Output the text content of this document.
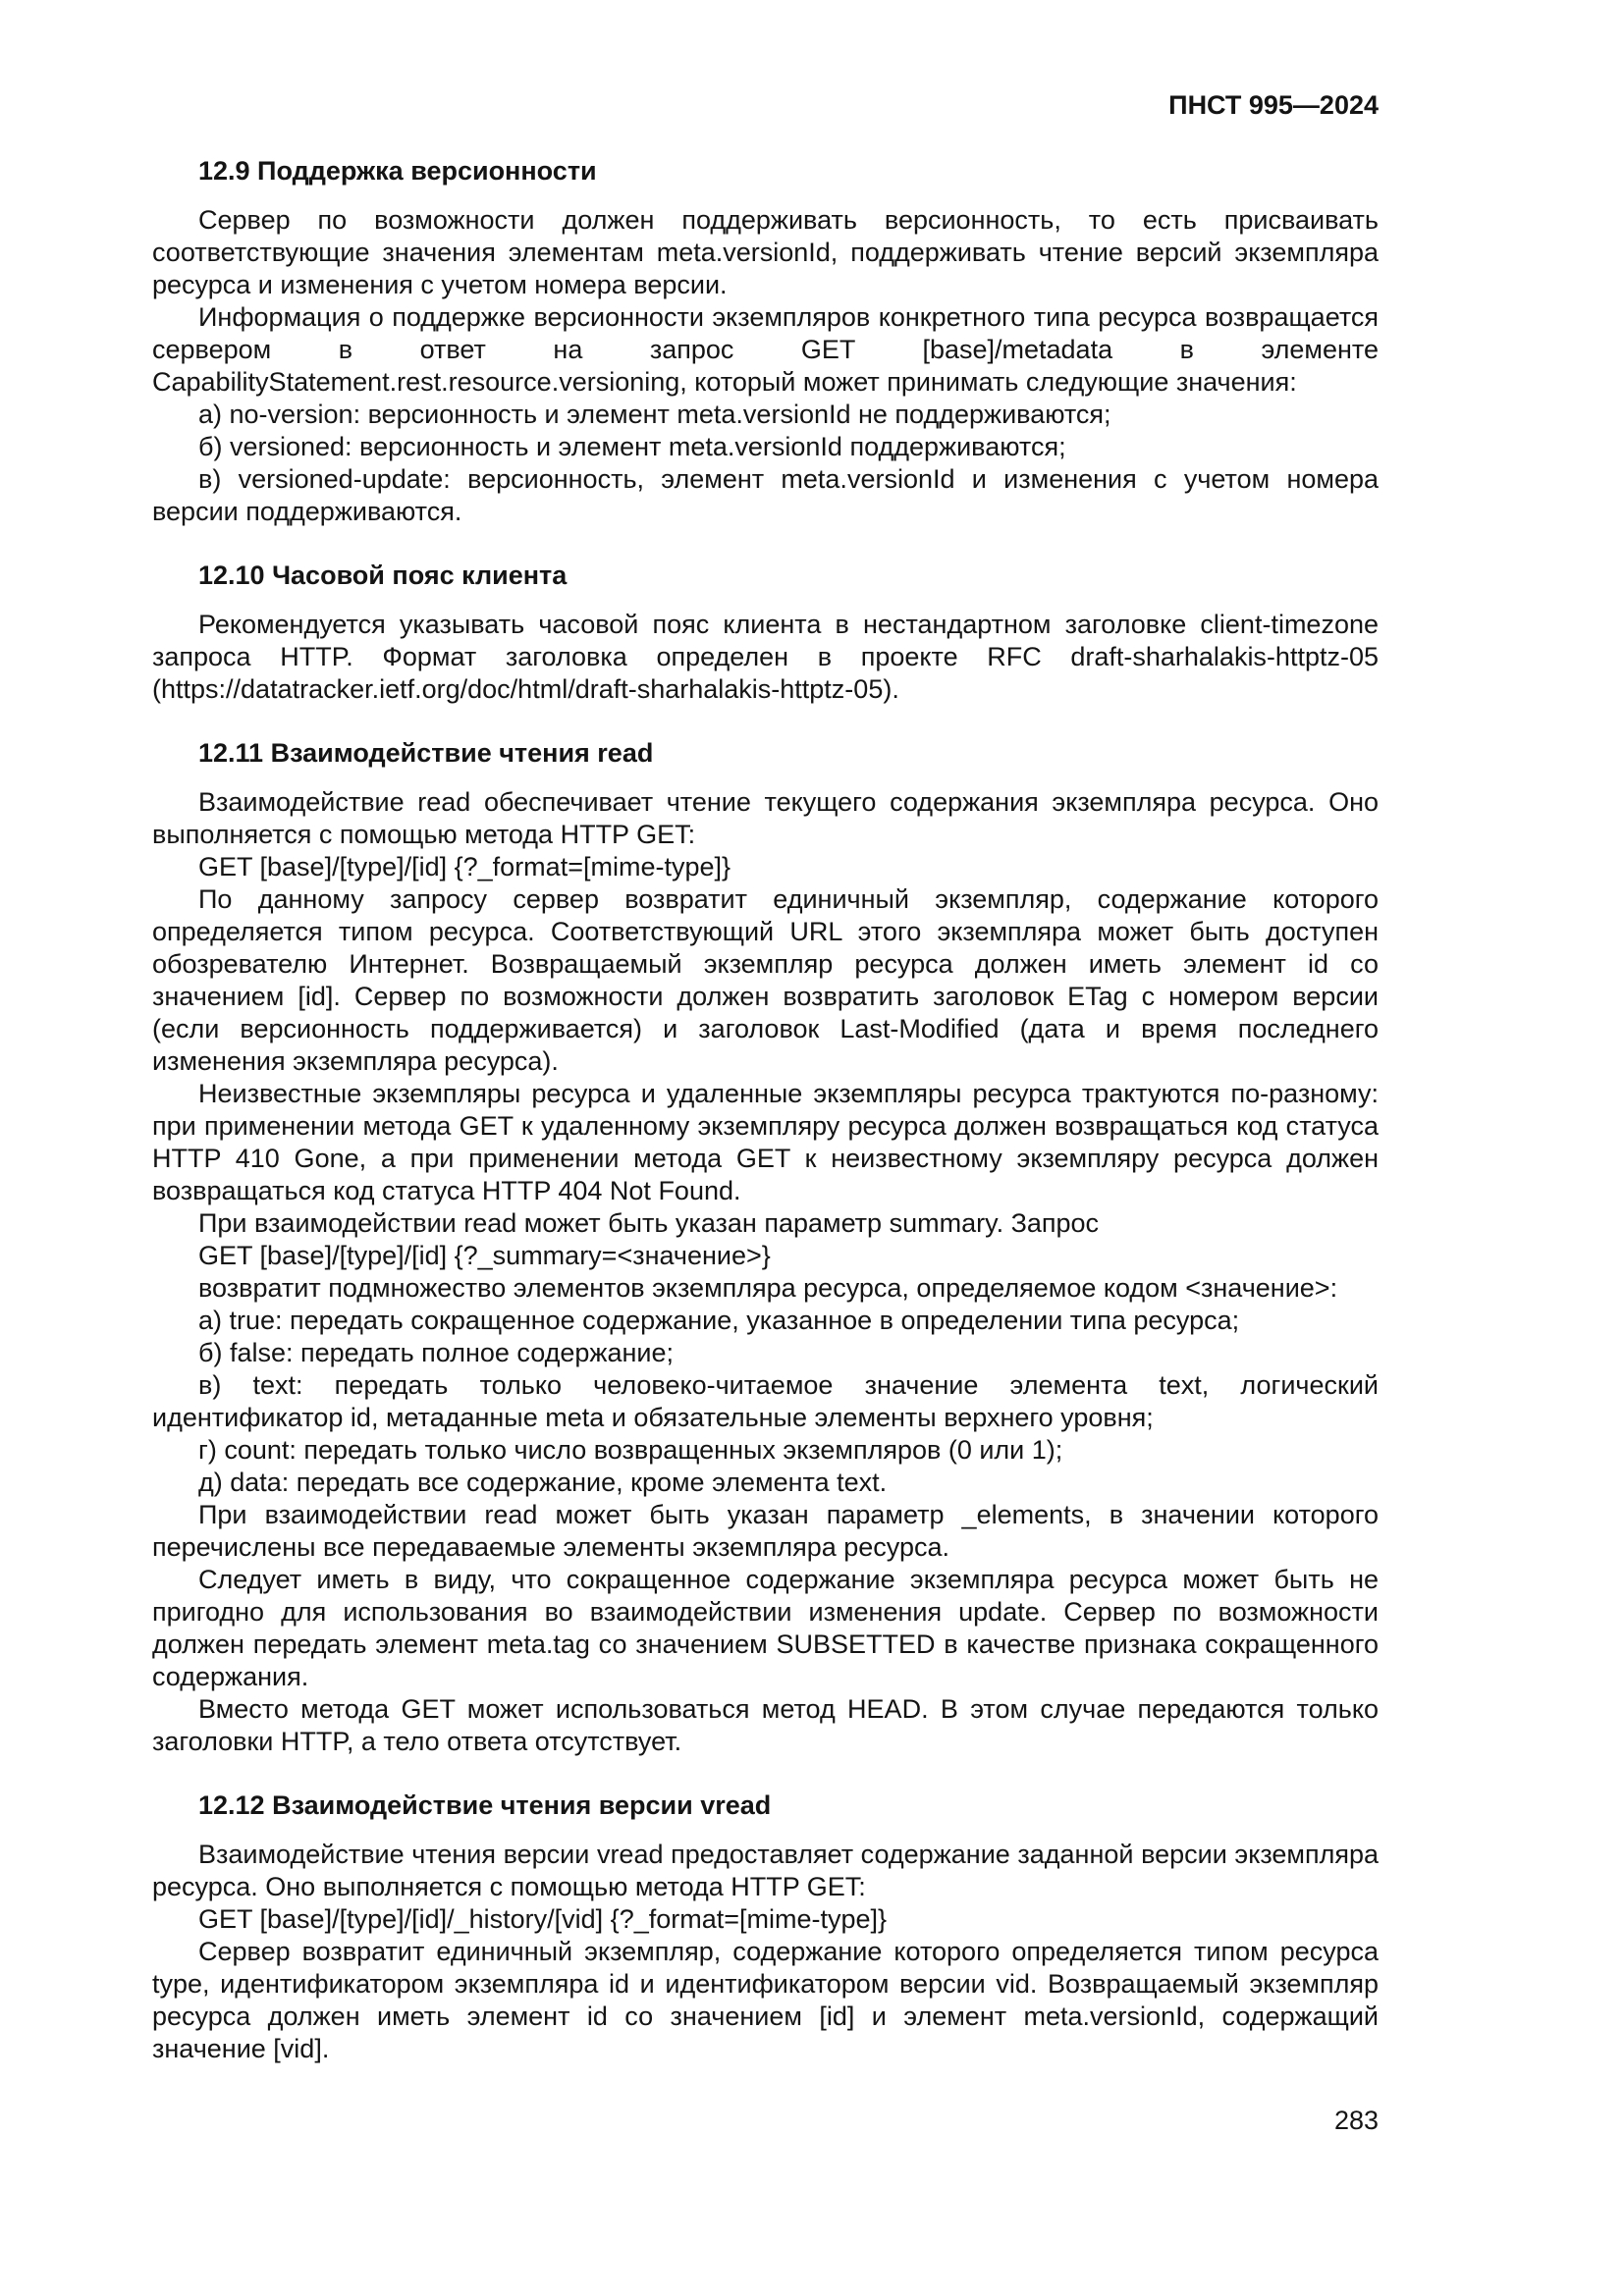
ПНСТ 995—2024
12.9 Поддержка версионности

Сервер по возможности должен поддерживать версионность, то есть присваивать соответствующие значения элементам meta.versionId, поддерживать чтение версий экземпляра ресурса и изменения с учетом номера версии.

Информация о поддержке версионности экземпляров конкретного типа ресурса возвращается сервером в ответ на запрос GET [base]/metadata в элементе CapabilityStatement.rest.resource.versioning, который может принимать следующие значения:

а) no-version: версионность и элемент meta.versionId не поддерживаются;

б) versioned: версионность и элемент meta.versionId поддерживаются;

в) versioned-update: версионность, элемент meta.versionId и изменения с учетом номера версии поддерживаются.

12.10 Часовой пояс клиента

Рекомендуется указывать часовой пояс клиента в нестандартном заголовке client-timezone запроса HTTP. Формат заголовка определен в проекте RFC draft-sharhalakis-httptz-05 (https://datatracker.ietf.org/doc/html/draft-sharhalakis-httptz-05).

12.11 Взаимодействие чтения read

Взаимодействие read обеспечивает чтение текущего содержания экземпляра ресурса. Оно выполняется с помощью метода HTTP GET:

GET [base]/[type]/[id] {?_format=[mime-type]}

По данному запросу сервер возвратит единичный экземпляр, содержание которого определяется типом ресурса. Соответствующий URL этого экземпляра может быть доступен обозревателю Интернет. Возвращаемый экземпляр ресурса должен иметь элемент id со значением [id]. Сервер по возможности должен возвратить заголовок ETag с номером версии (если версионность поддерживается) и заголовок Last-Modified (дата и время последнего изменения экземпляра ресурса).

Неизвестные экземпляры ресурса и удаленные экземпляры ресурса трактуются по-разному: при применении метода GET к удаленному экземпляру ресурса должен возвращаться код статуса HTTP 410 Gone, а при применении метода GET к неизвестному экземпляру ресурса должен возвращаться код статуса HTTP 404 Not Found.

При взаимодействии read может быть указан параметр summary. Запрос

GET [base]/[type]/[id] {?_summary=<значение>}

возвратит подмножество элементов экземпляра ресурса, определяемое кодом <значение>:

а) true: передать сокращенное содержание, указанное в определении типа ресурса;

б) false: передать полное содержание;

в) text: передать только человеко-читаемое значение элемента text, логический идентификатор id, метаданные meta и обязательные элементы верхнего уровня;

г) count: передать только число возвращенных экземпляров (0 или 1);

д) data: передать все содержание, кроме элемента text.

При взаимодействии read может быть указан параметр _elements, в значении которого перечислены все передаваемые элементы экземпляра ресурса.

Следует иметь в виду, что сокращенное содержание экземпляра ресурса может быть не пригодно для использования во взаимодействии изменения update. Сервер по возможности должен передать элемент meta.tag со значением SUBSETTED в качестве признака сокращенного содержания.

Вместо метода GET может использоваться метод HEAD. В этом случае передаются только заголовки HTTP, а тело ответа отсутствует.

12.12 Взаимодействие чтения версии vread

Взаимодействие чтения версии vread предоставляет содержание заданной версии экземпляра ресурса. Оно выполняется с помощью метода HTTP GET:

GET [base]/[type]/[id]/_history/[vid] {?_format=[mime-type]}

Сервер возвратит единичный экземпляр, содержание которого определяется типом ресурса type, идентификатором экземпляра id и идентификатором версии vid. Возвращаемый экземпляр ресурса должен иметь элемент id со значением [id] и элемент meta.versionId, содержащий значение [vid].

283
